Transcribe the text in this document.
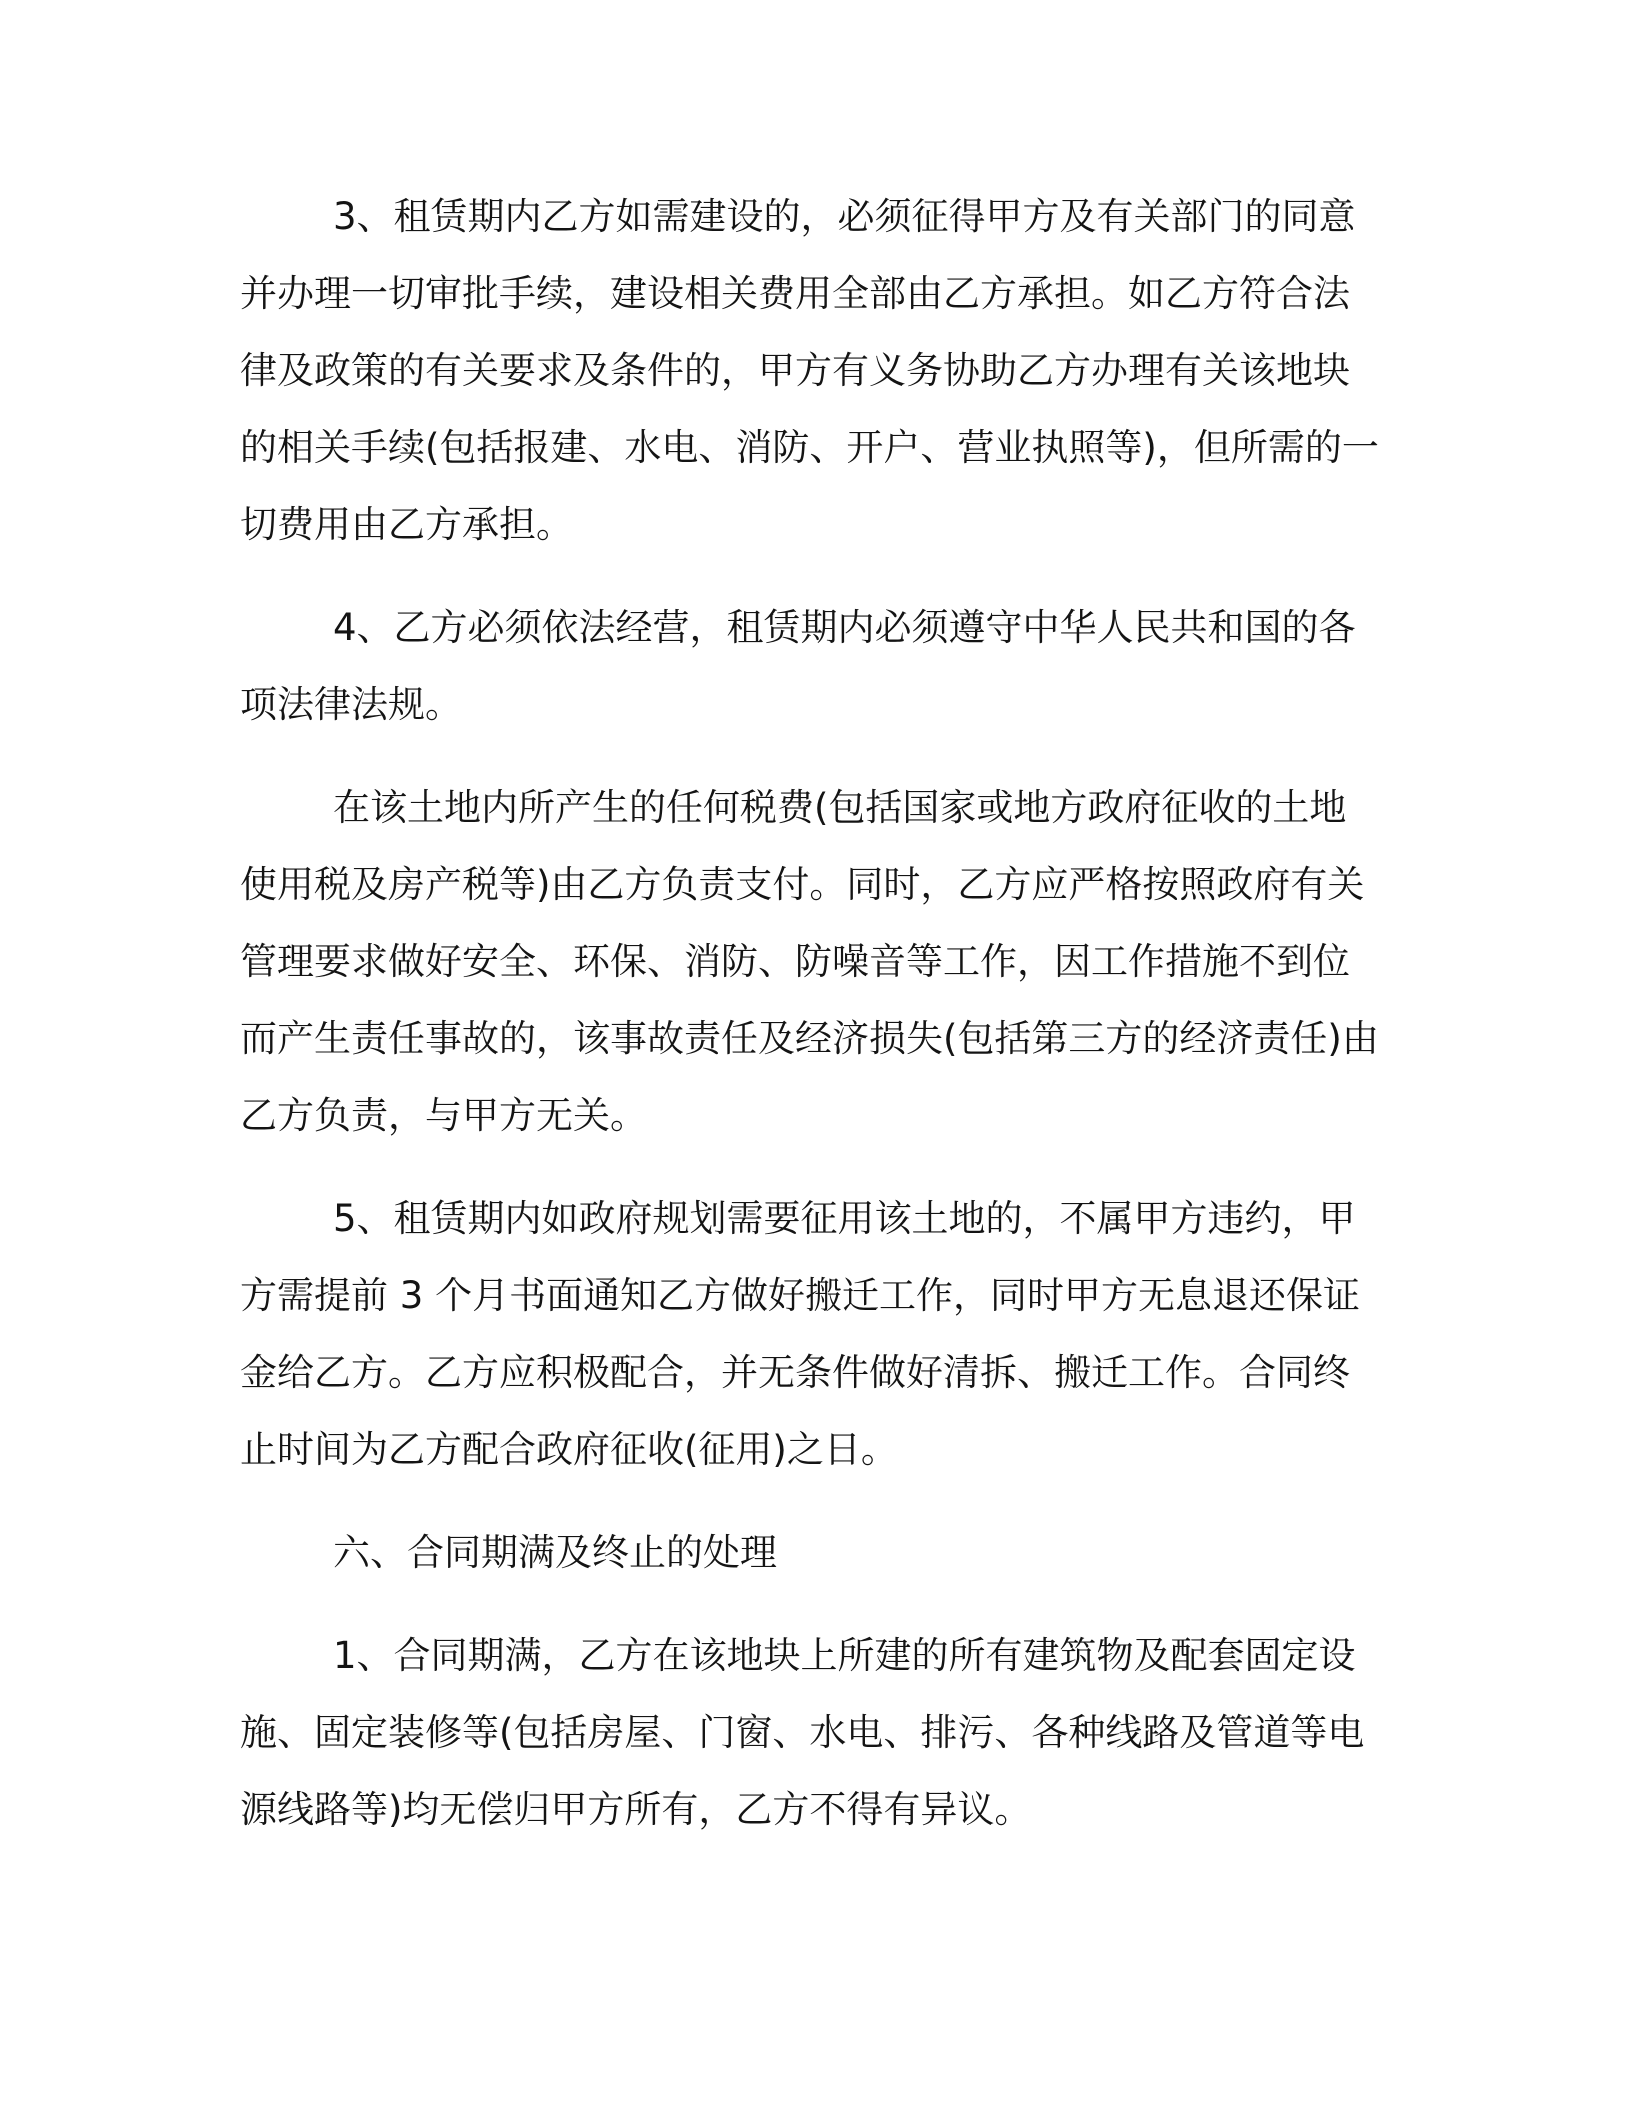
3、租赁期内乙方如需建设的，必须征得甲方及有关部门的同意
并办理一切审批手续，建设相关费用全部由乙方承担。如乙方符合法
律及政策的有关要求及条件的，甲方有义务协助乙方办理有关该地块
的相关手续(包括报建、水电、消防、开户、营业执照等)，但所需的一
切费用由乙方承担。
4、乙方必须依法经营，租赁期内必须遵守中华人民共和国的各
项法律法规。
在该土地内所产生的任何税费(包括国家或地方政府征收的土地
使用税及房产税等)由乙方负责支付。同时，乙方应严格按照政府有关
管理要求做好安全、环保、消防、防噪音等工作，因工作措施不到位
而产生责任事故的，该事故责任及经济损失(包括第三方的经济责任)由
乙方负责，与甲方无关。
5、租赁期内如政府规划需要征用该土地的，不属甲方违约，甲
方需提前 3 个月书面通知乙方做好搬迁工作，同时甲方无息退还保证
金给乙方。乙方应积极配合，并无条件做好清拆、搬迁工作。合同终
止时间为乙方配合政府征收(征用)之日。
六、合同期满及终止的处理
1、合同期满，乙方在该地块上所建的所有建筑物及配套固定设
施、固定装修等(包括房屋、门窗、水电、排污、各种线路及管道等电
源线路等)均无偿归甲方所有，乙方不得有异议。
